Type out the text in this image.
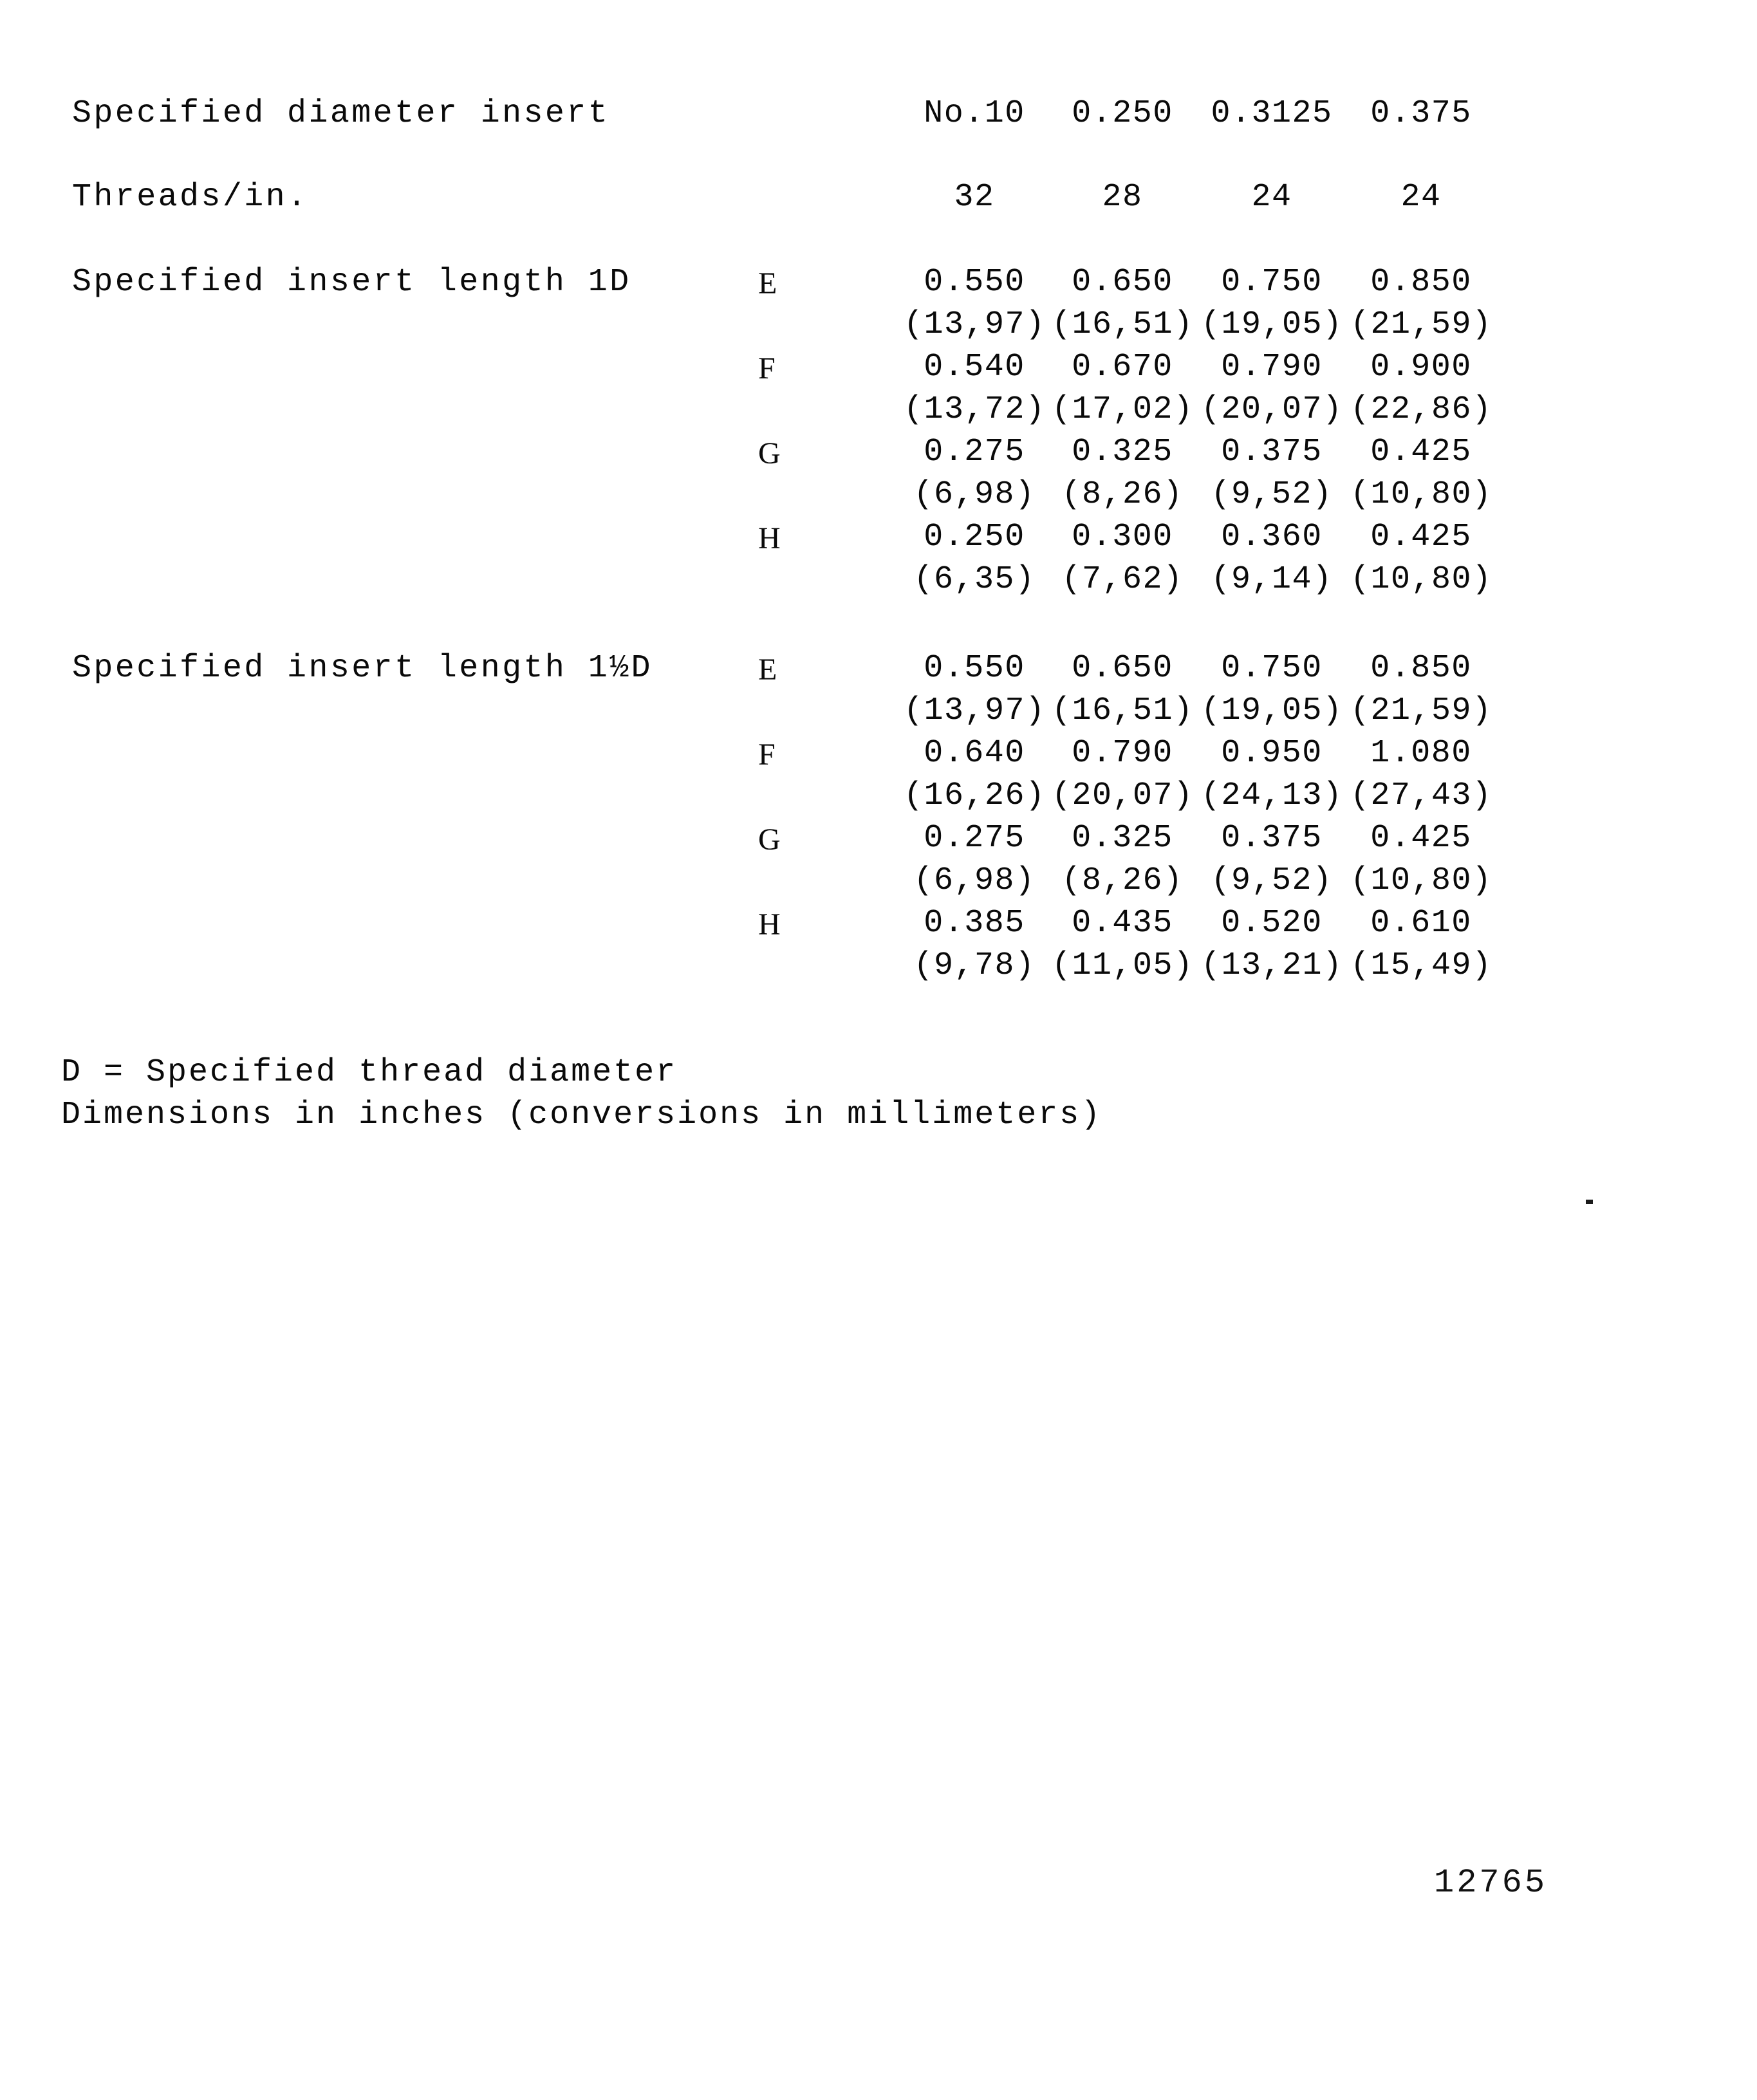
Specified diameter insert	No.10	0.250	0.3125	0.375
Threads/in.	32	28	24	24
Specified insert length 1D	E	0.550	0.650	0.750	0.850
(13,97) (16,51) (19,05) (21,59)
F	0.540	0.670	0.790	0.900
(13,72) (17,02) (20,07) (22,86)
G	0.275	0.325	0.375	0.425
(6,98) (8,26) (9,52) (10,80)
H	0.250	0.300	0.360	0.425
(6,35) (7,62) (9,14) (10,80)
Specified insert length 1½D	E	0.550	0.650	0.750	0.850
(13,97) (16,51) (19,05) (21,59)
F	0.640	0.790	0.950	1.080
(16,26) (20,07) (24,13) (27,43)
G	0.275	0.325	0.375	0.425
(6,98) (8,26) (9,52) (10,80)
H	0.385	0.435	0.520	0.610
(9,78) (11,05) (13,21) (15,49)
D = Specified thread diameter
Dimensions in inches (conversions in millimeters)
12765
